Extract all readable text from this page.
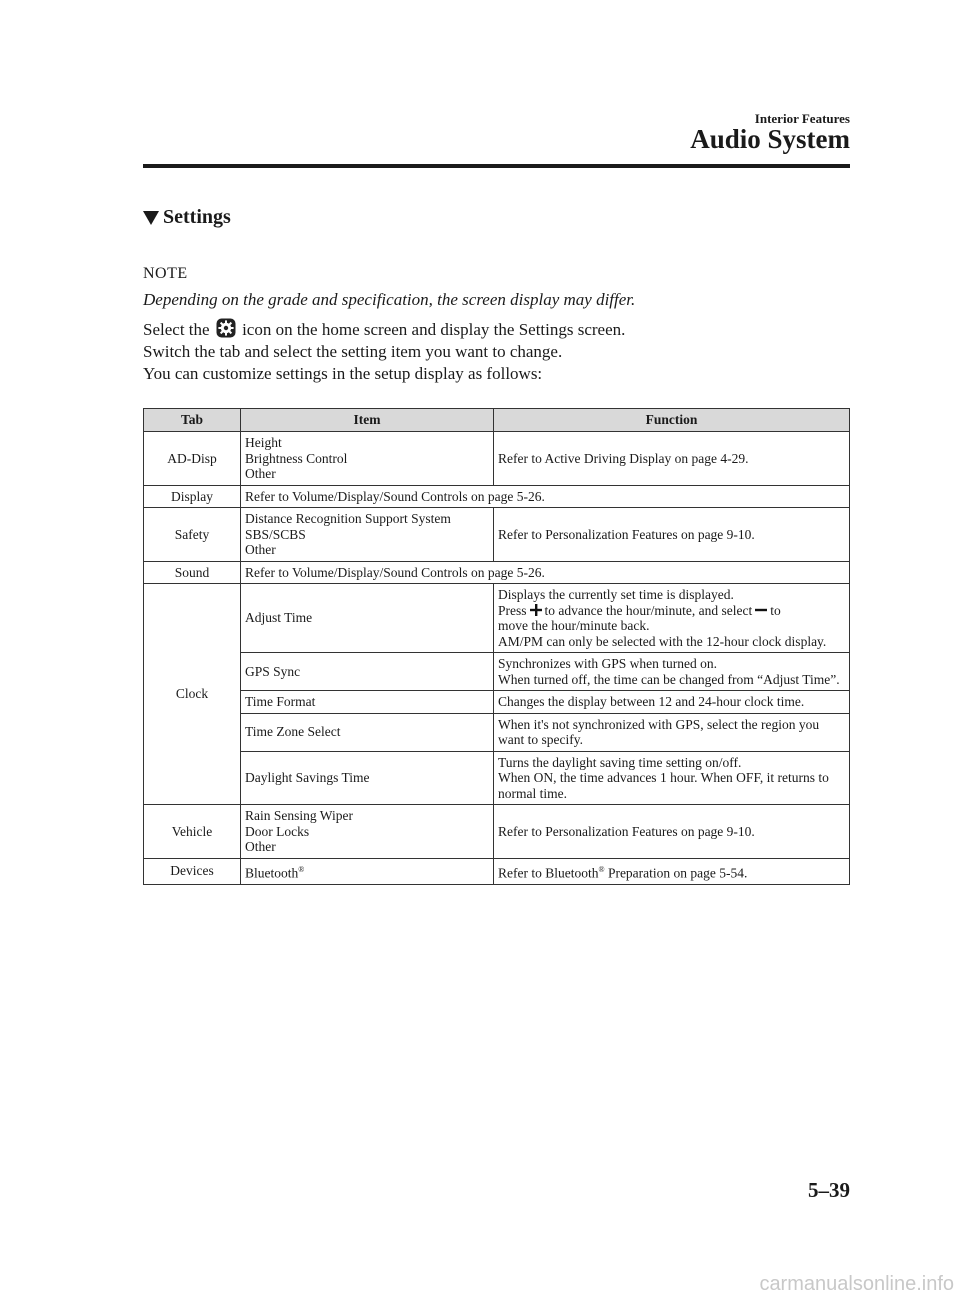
Interior Features
Audio System
Settings
NOTE
Depending on the grade and specification, the screen display may differ.
Select the icon on the home screen and display the Settings screen.
Switch the tab and select the setting item you want to change.
You can customize settings in the setup display as follows:
Tab	Item	Function
AD-Disp	Height
Brightness Control
Other	Refer to Active Driving Display on page 4-29.
Display	Refer to Volume/Display/Sound Controls on page 5-26.	
Safety	Distance Recognition Support System
SBS/SCBS
Other	Refer to Personalization Features on page 9-10.
Sound	Refer to Volume/Display/Sound Controls on page 5-26.	
Clock	Adjust Time	Displays the currently set time is displayed.
Press to advance the hour/minute, and select to
move the hour/minute back.
AM/PM can only be selected with the 12-hour clock display.

	GPS Sync	Synchronizes with GPS when turned on.
When turned off, the time can be changed from “Adjust Time”.

	Time Format	Changes the display between 12 and 24-hour clock time.
	Time Zone Select	When it's not synchronized with GPS, select the region you want to specify.
	Daylight Savings Time	Turns the daylight saving time setting on/off.
When ON, the time advances 1 hour. When OFF, it returns to normal time.

Vehicle	Rain Sensing Wiper
Door Locks
Other	Refer to Personalization Features on page 9-10.
Devices	Bluetooth®	Refer to Bluetooth® Preparation on page 5-54.
5–39
carmanualsonline.info
